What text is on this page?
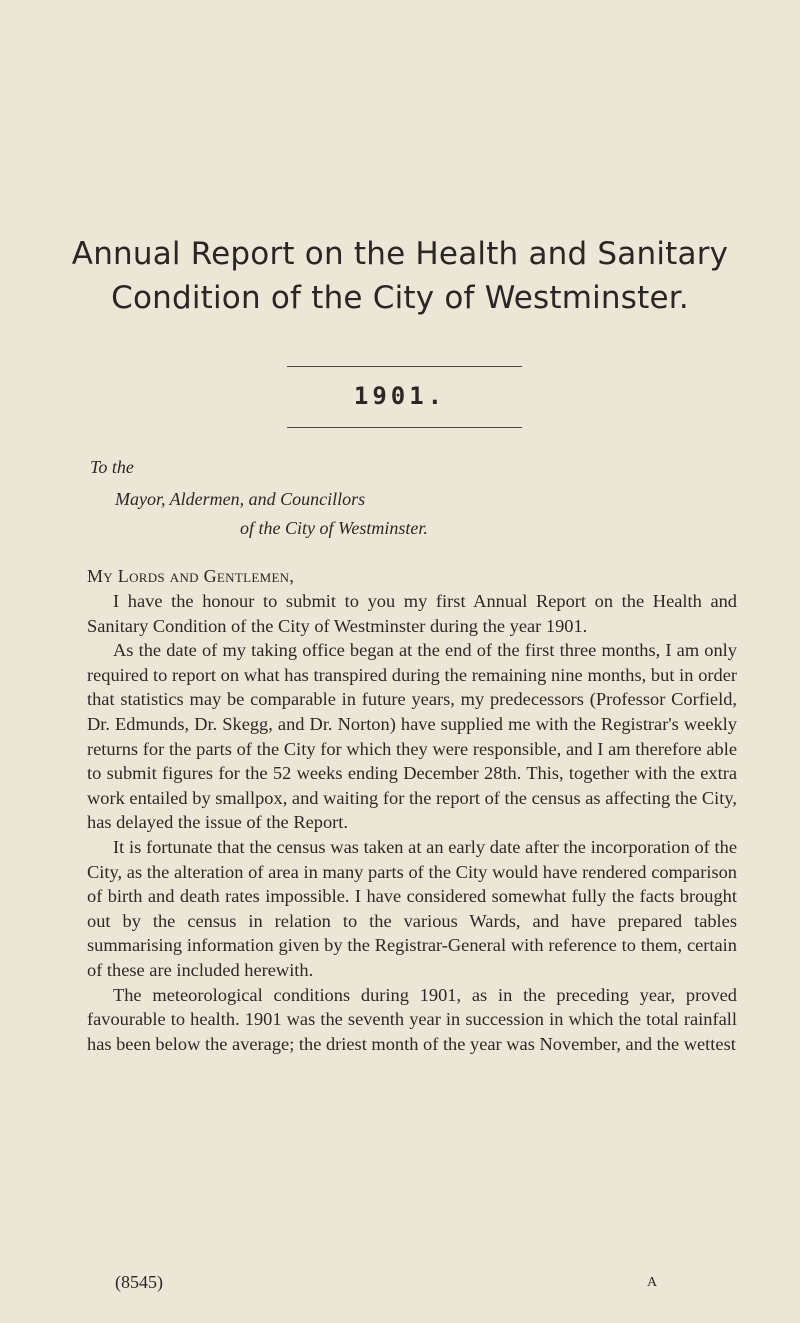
Annual Report on the Health and Sanitary
Condition of the City of Westminster.
1901.
To the
Mayor, Aldermen, and Councillors
of the City of Westminster.
My Lords and Gentlemen,

I have the honour to submit to you my first Annual Report on the Health and Sanitary Condition of the City of Westminster during the year 1901.

As the date of my taking office began at the end of the first three months, I am only required to report on what has transpired during the remaining nine months, but in order that statistics may be comparable in future years, my predecessors (Professor Corfield, Dr. Edmunds, Dr. Skegg, and Dr. Norton) have supplied me with the Registrar's weekly returns for the parts of the City for which they were responsible, and I am therefore able to submit figures for the 52 weeks ending December 28th. This, together with the extra work entailed by smallpox, and waiting for the report of the census as affecting the City, has delayed the issue of the Report.

It is fortunate that the census was taken at an early date after the incorporation of the City, as the alteration of area in many parts of the City would have rendered comparison of birth and death rates impossible. I have considered somewhat fully the facts brought out by the census in relation to the various Wards, and have prepared tables summarising information given by the Registrar-General with reference to them, certain of these are included herewith.

The meteorological conditions during 1901, as in the preceding year, proved favourable to health. 1901 was the seventh year in succession in which the total rainfall has been below the average; the driest month of the year was November, and the wettest

(8545)	A
